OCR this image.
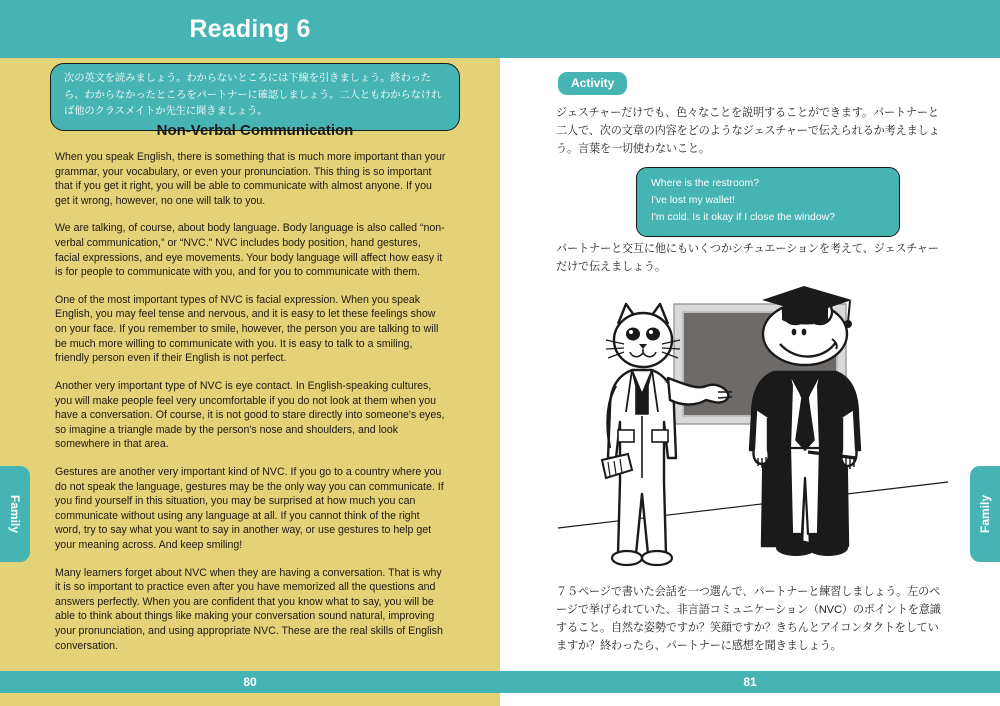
Reading 6
次の英文を読みましょう。わからないところには下線を引きましょう。終わったら、わからなかったところをパートナーに確認しましょう。二人ともわからなければ他のクラスメイトか先生に聞きましょう。
Non-Verbal Communication

When you speak English, there is something that is much more important than your grammar, your vocabulary, or even your pronunciation. This thing is so important that if you get it right, you will be able to communicate with almost anyone. If you get it wrong, however, no one will talk to you.

We are talking, of course, about body language. Body language is also called “non-verbal communication,” or “NVC.” NVC includes body position, hand gestures, facial expressions, and eye movements. Your body language will affect how easy it is for people to communicate with you, and for you to communicate with them.

One of the most important types of NVC is facial expression. When you speak English, you may feel tense and nervous, and it is easy to let these feelings show on your face. If you remember to smile, however, the person you are talking to will be much more willing to communicate with you. It is easy to talk to a smiling, friendly person even if their English is not perfect.

Another very important type of NVC is eye contact. In English-speaking cultures, you will make people feel very uncomfortable if you do not look at them when you have a conversation. Of course, it is not good to stare directly into someone's eyes, so imagine a triangle made by the person's nose and shoulders, and look somewhere in that area.

Gestures are another very important kind of NVC. If you go to a country where you do not speak the language, gestures may be the only way you can communicate. If you find yourself in this situation, you may be surprised at how much you can communicate without using any language at all. If you cannot think of the right word, try to say what you want to say in another way, or use gestures to help get your meaning across. And keep smiling!

Many learners forget about NVC when they are having a conversation. That is why it is so important to practice even after you have memorized all the questions and answers perfectly. When you are confident that you know what to say, you will be able to think about things like making your conversation sound natural, improving your pronunciation, and using appropriate NVC. These are the real skills of English conversation.

Activity
ジェスチャーだけでも、色々なことを説明することができます。パートナーと二人で、次の文章の内容をどのようなジェスチャーで伝えられるか考えましょう。言葉を一切使わないこと。
Where is the restroom?
I've lost my wallet!
I'm cold. Is it okay if I close the window?
パートナーと交互に他にもいくつかシチュエーションを考えて、ジェスチャーだけで伝えましょう。
７５ページで書いた会話を一つ選んで、パートナーと練習しましょう。左のページで挙げられていた、非言語コミュニケーション（NVC）のポイントを意識すること。自然な姿勢ですか？笑顔ですか？きちんとアイコンタクトをしていますか？終わったら、パートナーに感想を聞きましょう。
80	81
Family	Family
